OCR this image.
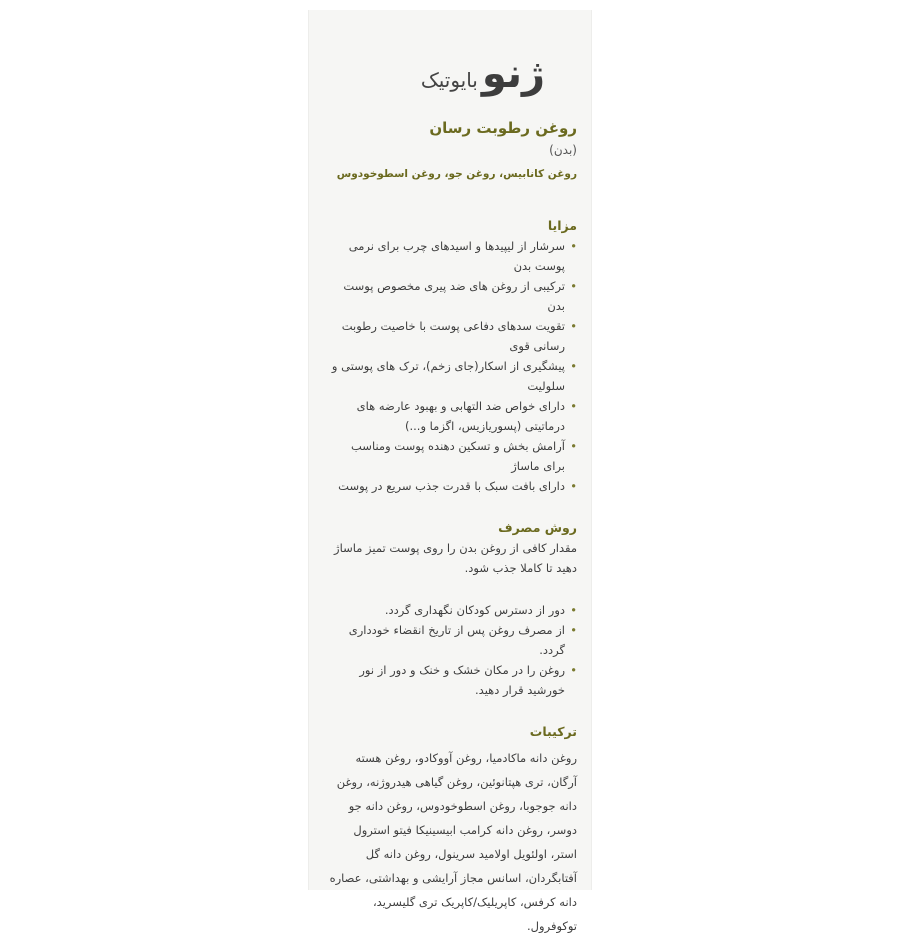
ژنو
بایوتیک

روغن رطوبت رسان

(بدن)

روغن کانابیس، روغن جو، روغن اسطوخودوس

مزایا

• سرشار از لیپیدها و اسیدهای چرب برای نرمی پوست بدن
• ترکیبی از روغن های ضد پیری مخصوص پوست بدن
• تقویت سدهای دفاعی پوست با خاصیت رطوبت رسانی قوی
• پیشگیری از اسکار(جای زخم)، ترک های پوستی و سلولیت
• دارای خواص ضد التهابی و بهبود عارضه های درماتیتی (پسوریازیس، اگزما و...)
• آرامش بخش و تسکین دهنده پوست ومناسب برای ماساژ
• دارای بافت سبک با قدرت جذب سریع در پوست

روش مصرف

مقدار کافی از روغن بدن را روی پوست تمیز ماساژ دهید تا کاملا جذب شود.

• دور از دسترس کودکان نگهداری گردد.
• از مصرف روغن پس از تاریخ انقضاء خودداری گردد.
• روغن را در مکان خشک و خنک و دور از نور خورشید قرار دهید.

ترکیبات

روغن دانه ماکادمیا، روغن آووکادو، روغن هسته آرگان، تری هپتانوئین، روغن گیاهی هیدروژنه، روغن دانه جوجوبا، روغن اسطوخودوس، روغن دانه جو دوسر، روغن دانه کرامب ابیسینیکا فیتو استرول استر، اولئویل اولامید سرینول، روغن دانه گل آفتابگردان، اسانس مجاز آرایشی و بهداشتی، عصاره دانه کرفس، کاپریلیک/کاپریک تری گلیسرید، توکوفرول.
